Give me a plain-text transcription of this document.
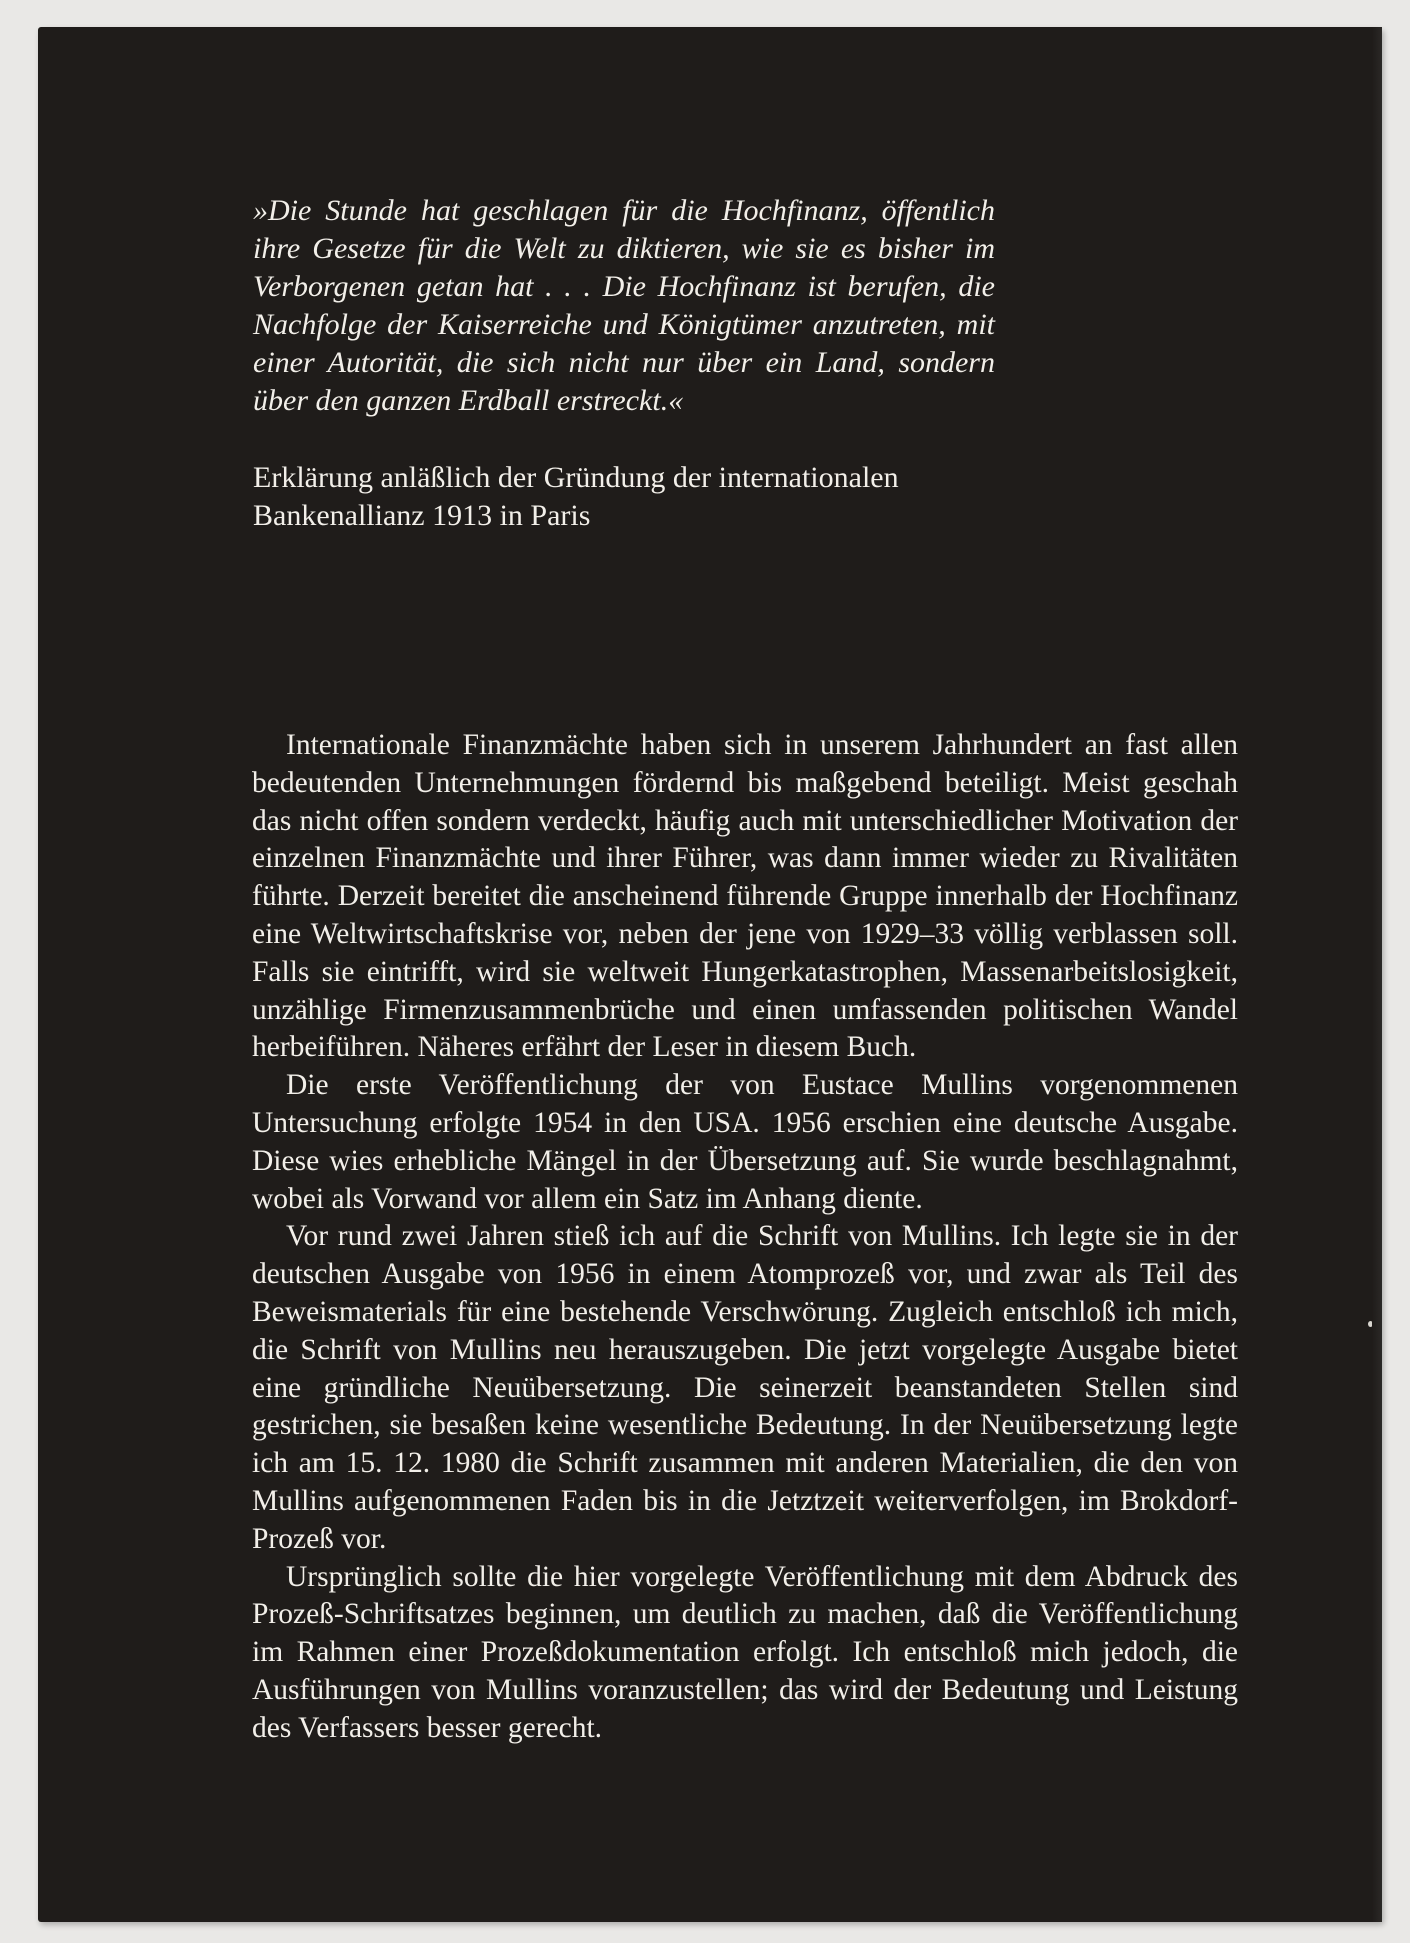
»Die Stunde hat geschlagen für die Hochfinanz, öffentlich ihre Gesetze für die Welt zu diktieren, wie sie es bisher im Verborgenen getan hat . . . Die Hochfinanz ist berufen, die Nachfolge der Kaiserreiche und Königtümer anzutreten, mit einer Autorität, die sich nicht nur über ein Land, sondern über den ganzen Erdball erstreckt.«
Erklärung anläßlich der Gründung der internationalen
Bankenallianz 1913 in Paris

Internationale Finanzmächte haben sich in unserem Jahrhundert an fast allen bedeutenden Unternehmungen fördernd bis maßgebend beteiligt. Meist geschah das nicht offen sondern verdeckt, häufig auch mit unterschiedlicher Motivation der einzelnen Finanzmächte und ihrer Führer, was dann immer wieder zu Rivalitäten führte. Derzeit bereitet die anscheinend führende Gruppe innerhalb der Hochfinanz eine Weltwirtschaftskrise vor, neben der jene von 1929–33 völlig verblassen soll. Falls sie eintrifft, wird sie weltweit Hungerkatastrophen, Massenarbeitslosigkeit, unzählige Firmenzusammenbrüche und einen umfassenden politischen Wandel herbeiführen. Näheres erfährt der Leser in diesem Buch.

Die erste Veröffentlichung der von Eustace Mullins vorgenommenen Untersuchung erfolgte 1954 in den USA. 1956 erschien eine deutsche Ausgabe. Diese wies erhebliche Mängel in der Übersetzung auf. Sie wurde beschlagnahmt, wobei als Vorwand vor allem ein Satz im Anhang diente.

Vor rund zwei Jahren stieß ich auf die Schrift von Mullins. Ich legte sie in der deutschen Ausgabe von 1956 in einem Atomprozeß vor, und zwar als Teil des Beweismaterials für eine bestehende Verschwörung. Zugleich entschloß ich mich, die Schrift von Mullins neu herauszugeben. Die jetzt vorgelegte Ausgabe bietet eine gründliche Neuübersetzung. Die seinerzeit beanstandeten Stellen sind gestrichen, sie besaßen keine wesentliche Bedeutung. In der Neuübersetzung legte ich am 15. 12. 1980 die Schrift zusammen mit anderen Materialien, die den von Mullins aufgenommenen Faden bis in die Jetztzeit weiterverfolgen, im Brokdorf-Prozeß vor.

Ursprünglich sollte die hier vorgelegte Veröffentlichung mit dem Abdruck des Prozeß-Schriftsatzes beginnen, um deutlich zu machen, daß die Veröffentlichung im Rahmen einer Prozeßdokumentation erfolgt. Ich entschloß mich jedoch, die Ausführungen von Mullins voranzustellen; das wird der Bedeutung und Leistung des Verfassers besser gerecht.
